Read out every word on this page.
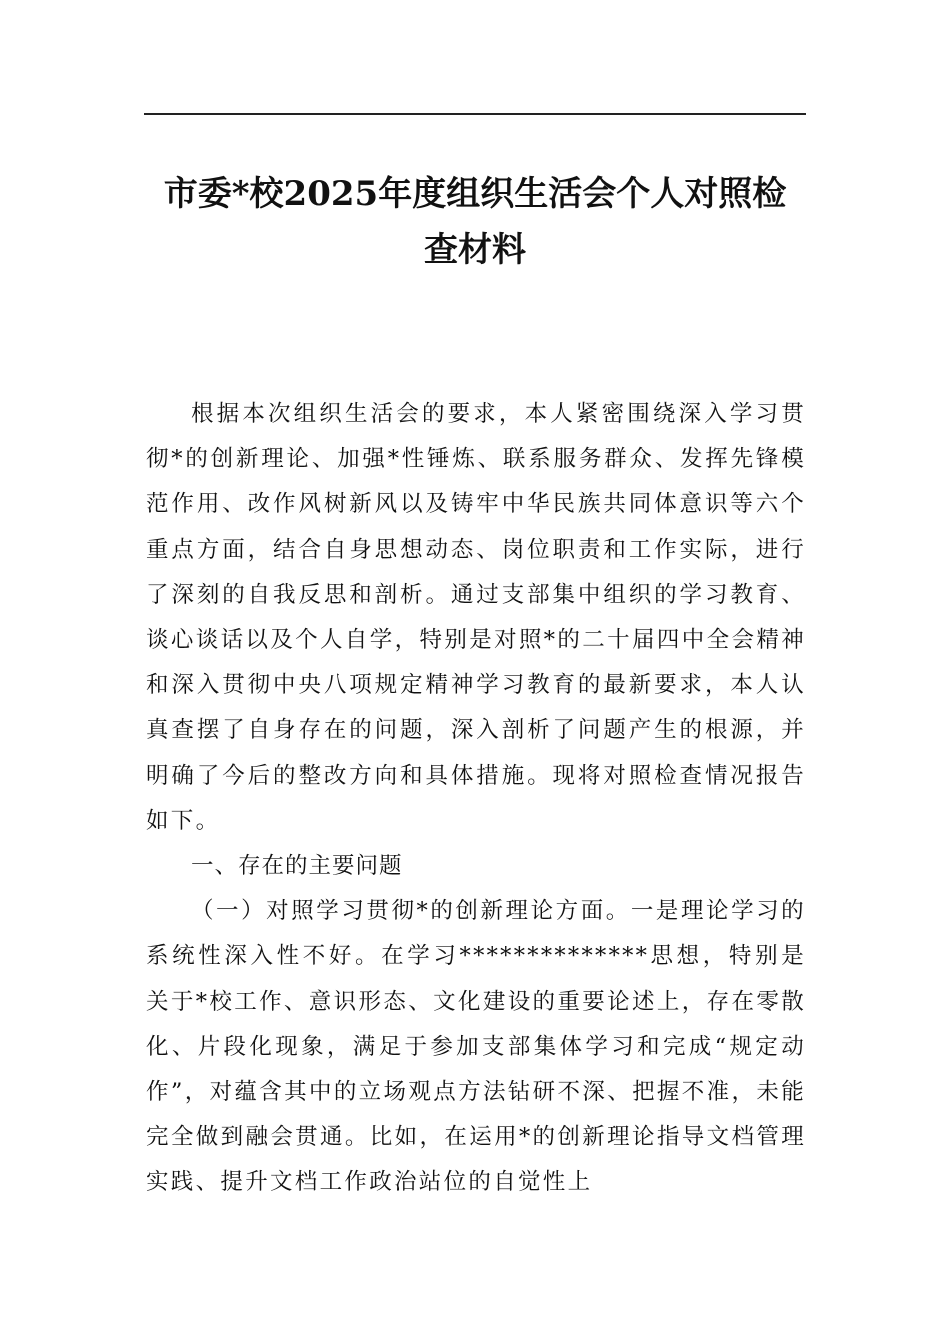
市委*校2025年度组织生活会个人对照检
查材料

根据本次组织生活会的要求，本人紧密围绕深入学习贯彻*的创新理论、加强*性锤炼、联系服务群众、发挥先锋模范作用、改作风树新风以及铸牢中华民族共同体意识等六个重点方面，结合自身思想动态、岗位职责和工作实际，进行了深刻的自我反思和剖析。通过支部集中组织的学习教育、谈心谈话以及个人自学，特别是对照*的二十届四中全会精神和深入贯彻中央八项规定精神学习教育的最新要求，本人认真查摆了自身存在的问题，深入剖析了问题产生的根源，并明确了今后的整改方向和具体措施。现将对照检查情况报告如下。

一、存在的主要问题

（一）对照学习贯彻*的创新理论方面。一是理论学习的系统性深入性不好。在学习**************思想，特别是关于*校工作、意识形态、文化建设的重要论述上，存在零散化、片段化现象，满足于参加支部集体学习和完成“规定动作”，对蕴含其中的立场观点方法钻研不深、把握不准，未能完全做到融会贯通。比如，在运用*的创新理论指导文档管理实践、提升文档工作政治站位的自觉性上
